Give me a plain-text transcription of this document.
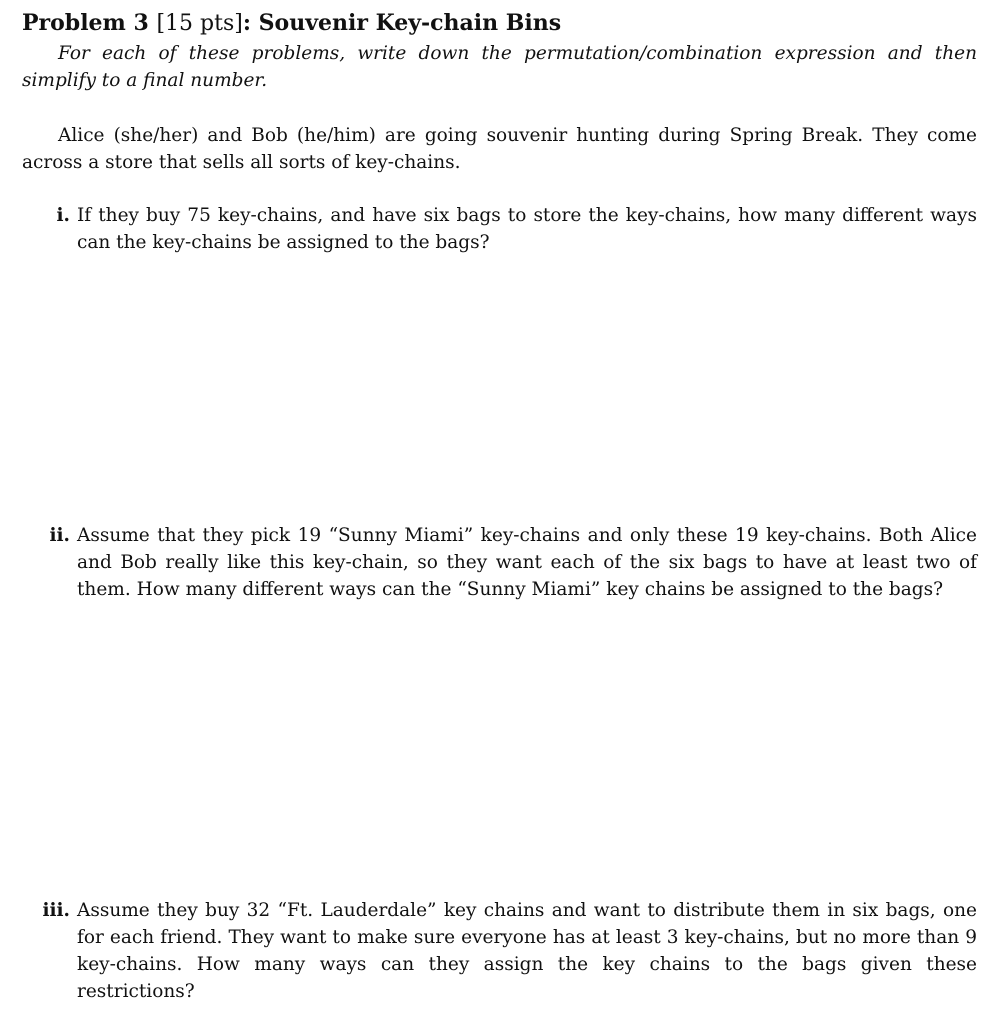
Problem 3 [15 pts]: Souvenir Key-chain Bins
For each of these problems, write down the permutation/combination expression and then simplify to a final number.
Alice (she/her) and Bob (he/him) are going souvenir hunting during Spring Break. They come across a store that sells all sorts of key-chains.
i. If they buy 75 key-chains, and have six bags to store the key-chains, how many different ways can the key-chains be assigned to the bags?
ii. Assume that they pick 19 “Sunny Miami” key-chains and only these 19 key-chains. Both Alice and Bob really like this key-chain, so they want each of the six bags to have at least two of them. How many different ways can the “Sunny Miami” key chains be assigned to the bags?
iii. Assume they buy 32 “Ft. Lauderdale” key chains and want to distribute them in six bags, one for each friend. They want to make sure everyone has at least 3 key-chains, but no more than 9 key-chains. How many ways can they assign the key chains to the bags given these restrictions?
